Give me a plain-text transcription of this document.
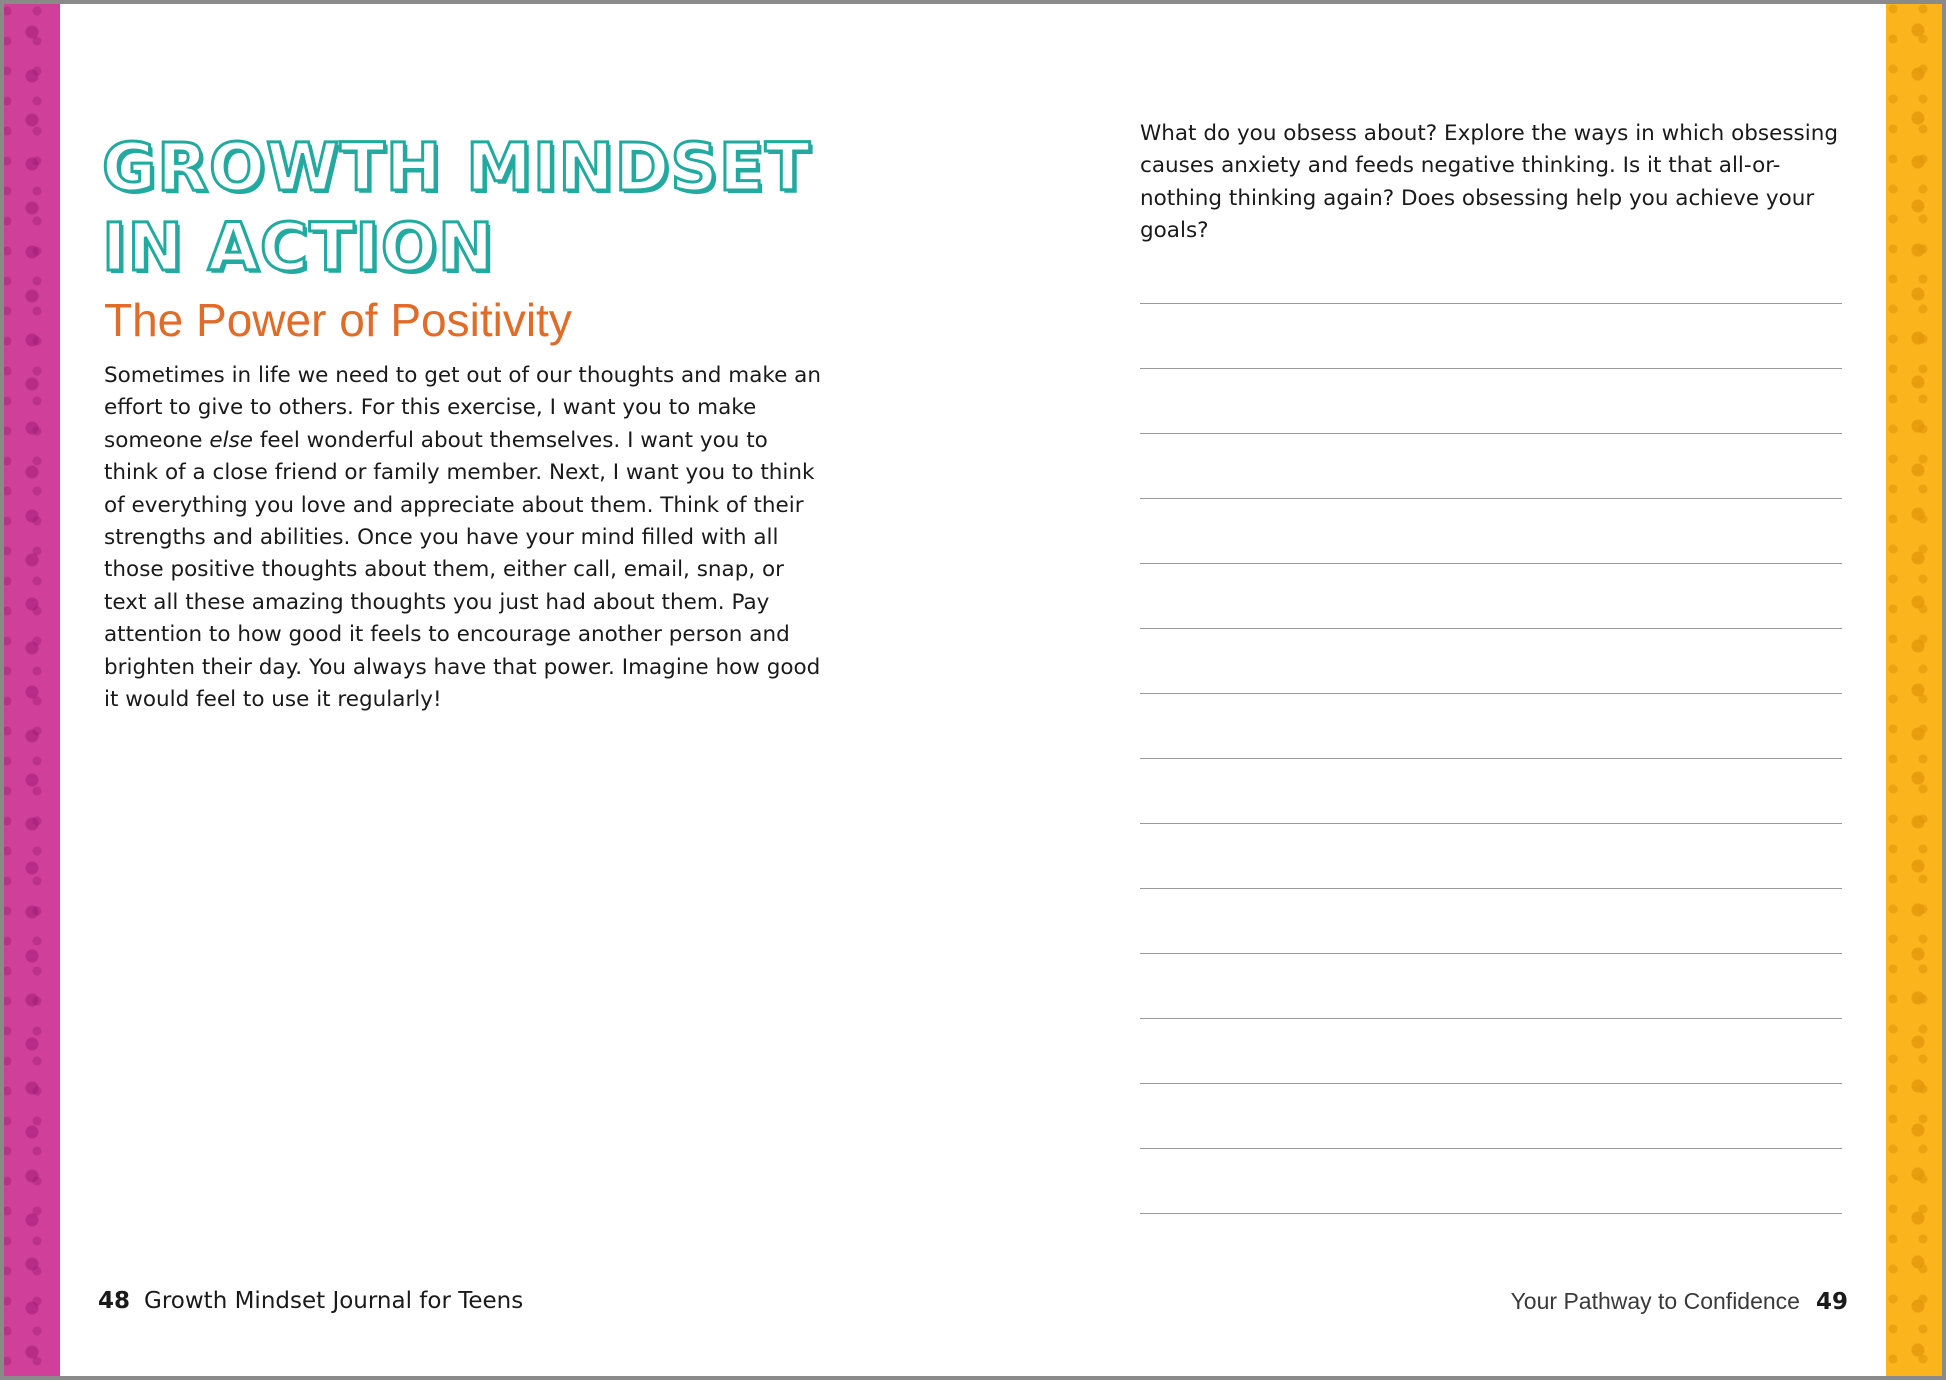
GROWTH MINDSET
IN ACTION
The Power of Positivity

Sometimes in life we need to get out of our thoughts and make an effort to give to others. For this exercise, I want you to make someone else feel wonderful about themselves. I want you to think of a close friend or family member. Next, I want you to think of everything you love and appreciate about them. Think of their strengths and abilities. Once you have your mind filled with all those positive thoughts about them, either call, email, snap, or text all these amazing thoughts you just had about them. Pay attention to how good it feels to encourage another person and brighten their day. You always have that power. Imagine how good it would feel to use it regularly!

What do you obsess about? Explore the ways in which obsessing causes anxiety and feeds negative thinking. Is it that all-or-nothing thinking again? Does obsessing help you achieve your goals?

48 Growth Mindset Journal for Teens	Your Pathway to Confidence 49
